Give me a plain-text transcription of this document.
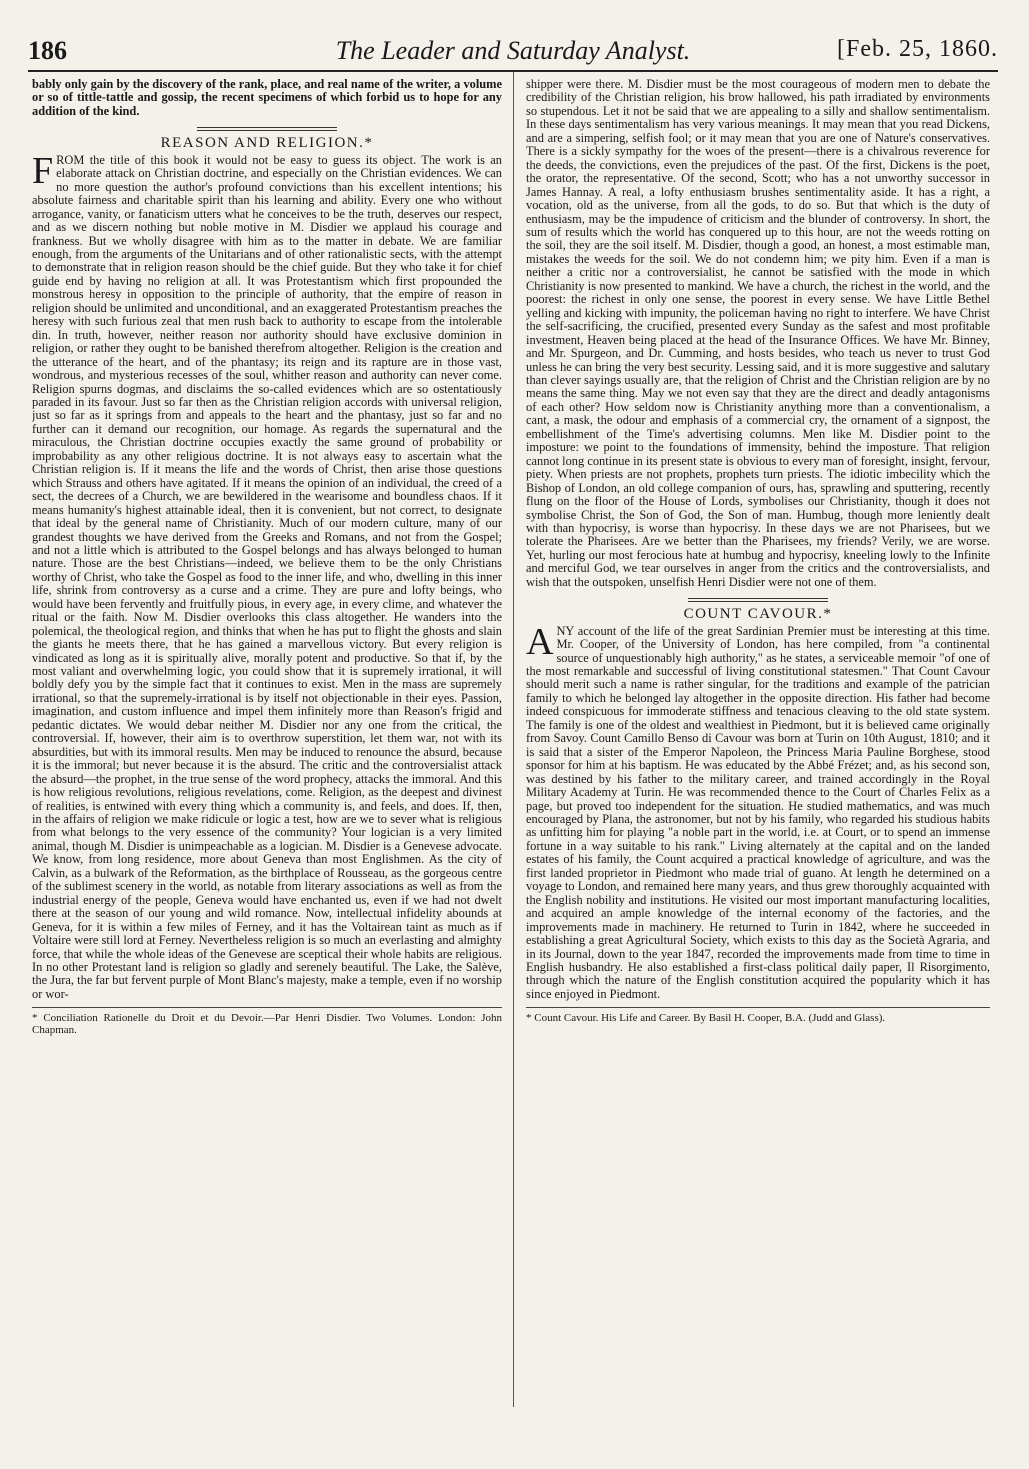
186	The Leader and Saturday Analyst.	[Feb. 25, 1860.

bably only gain by the discovery of the rank, place, and real name of the writer, a volume or so of tittle-tattle and gossip, the recent specimens of which forbid us to hope for any addition of the kind.

REASON AND RELIGION.*

FROM the title of this book it would not be easy to guess its object. The work is an elaborate attack on Christian doctrine, and especially on the Christian evidences. We can no more question the author's profound convictions than his excellent intentions; his absolute fairness and charitable spirit than his learning and ability. Every one who without arrogance, vanity, or fanaticism utters what he conceives to be the truth, deserves our respect, and as we discern nothing but noble motive in M. Disdier we applaud his courage and frankness. But we wholly disagree with him as to the matter in debate. We are familiar enough, from the arguments of the Unitarians and of other rationalistic sects, with the attempt to demonstrate that in religion reason should be the chief guide. But they who take it for chief guide end by having no religion at all. It was Protestantism which first propounded the monstrous heresy in opposition to the principle of authority, that the empire of reason in religion should be unlimited and unconditional, and an exaggerated Protestantism preaches the heresy with such furious zeal that men rush back to authority to escape from the intolerable din. In truth, however, neither reason nor authority should have exclusive dominion in religion, or rather they ought to be banished therefrom altogether. Religion is the creation and the utterance of the heart, and of the phantasy; its reign and its rapture are in those vast, wondrous, and mysterious recesses of the soul, whither reason and authority can never come. Religion spurns dogmas, and disclaims the so-called evidences which are so ostentatiously paraded in its favour. Just so far then as the Christian religion accords with universal religion, just so far as it springs from and appeals to the heart and the phantasy, just so far and no further can it demand our recognition, our homage. As regards the supernatural and the miraculous, the Christian doctrine occupies exactly the same ground of probability or improbability as any other religious doctrine. It is not always easy to ascertain what the Christian religion is. If it means the life and the words of Christ, then arise those questions which Strauss and others have agitated. If it means the opinion of an individual, the creed of a sect, the decrees of a Church, we are bewildered in the wearisome and boundless chaos. If it means humanity's highest attainable ideal, then it is convenient, but not correct, to designate that ideal by the general name of Christianity. Much of our modern culture, many of our grandest thoughts we have derived from the Greeks and Romans, and not from the Gospel; and not a little which is attributed to the Gospel belongs and has always belonged to human nature. Those are the best Christians—indeed, we believe them to be the only Christians worthy of Christ, who take the Gospel as food to the inner life, and who, dwelling in this inner life, shrink from controversy as a curse and a crime. They are pure and lofty beings, who would have been fervently and fruitfully pious, in every age, in every clime, and whatever the ritual or the faith. Now M. Disdier overlooks this class altogether. He wanders into the polemical, the theological region, and thinks that when he has put to flight the ghosts and slain the giants he meets there, that he has gained a marvellous victory. But every religion is vindicated as long as it is spiritually alive, morally potent and productive. So that if, by the most valiant and overwhelming logic, you could show that it is supremely irrational, it will boldly defy you by the simple fact that it continues to exist. Men in the mass are supremely irrational, so that the supremely-irrational is by itself not objectionable in their eyes. Passion, imagination, and custom influence and impel them infinitely more than Reason's frigid and pedantic dictates. We would debar neither M. Disdier nor any one from the critical, the controversial. If, however, their aim is to overthrow superstition, let them war, not with its absurdities, but with its immoral results. Men may be induced to renounce the absurd, because it is the immoral; but never because it is the absurd. The critic and the controversialist attack the absurd—the prophet, in the true sense of the word prophecy, attacks the immoral. And this is how religious revolutions, religious revelations, come. Religion, as the deepest and divinest of realities, is entwined with every thing which a community is, and feels, and does. If, then, in the affairs of religion we make ridicule or logic a test, how are we to sever what is religious from what belongs to the very essence of the community? Your logician is a very limited animal, though M. Disdier is unimpeachable as a logician. M. Disdier is a Genevese advocate. We know, from long residence, more about Geneva than most Englishmen. As the city of Calvin, as a bulwark of the Reformation, as the birthplace of Rousseau, as the gorgeous centre of the sublimest scenery in the world, as notable from literary associations as well as from the industrial energy of the people, Geneva would have enchanted us, even if we had not dwelt there at the season of our young and wild romance. Now, intellectual infidelity abounds at Geneva, for it is within a few miles of Ferney, and it has the Voltairean taint as much as if Voltaire were still lord at Ferney. Nevertheless religion is so much an everlasting and almighty force, that while the whole ideas of the Genevese are sceptical their whole habits are religious. In no other Protestant land is religion so gladly and serenely beautiful. The Lake, the Salève, the Jura, the far but fervent purple of Mont Blanc's majesty, make a temple, even if no worship or wor-

* Conciliation Rationelle du Droit et du Devoir.—Par Henri Disdier. Two Volumes. London: John Chapman.

shipper were there. M. Disdier must be the most courageous of modern men to debate the credibility of the Christian religion, his brow hallowed, his path irradiated by environments so stupendous. Let it not be said that we are appealing to a silly and shallow sentimentalism. In these days sentimentalism has very various meanings. It may mean that you read Dickens, and are a simpering, selfish fool; or it may mean that you are one of Nature's conservatives. There is a sickly sympathy for the woes of the present—there is a chivalrous reverence for the deeds, the convictions, even the prejudices of the past. Of the first, Dickens is the poet, the orator, the representative. Of the second, Scott; who has a not unworthy successor in James Hannay. A real, a lofty enthusiasm brushes sentimentality aside. It has a right, a vocation, old as the universe, from all the gods, to do so. But that which is the duty of enthusiasm, may be the impudence of criticism and the blunder of controversy. In short, the sum of results which the world has conquered up to this hour, are not the weeds rotting on the soil, they are the soil itself. M. Disdier, though a good, an honest, a most estimable man, mistakes the weeds for the soil. We do not condemn him; we pity him. Even if a man is neither a critic nor a controversialist, he cannot be satisfied with the mode in which Christianity is now presented to mankind. We have a church, the richest in the world, and the poorest: the richest in only one sense, the poorest in every sense. We have Little Bethel yelling and kicking with impunity, the policeman having no right to interfere. We have Christ the self-sacrificing, the crucified, presented every Sunday as the safest and most profitable investment, Heaven being placed at the head of the Insurance Offices. We have Mr. Binney, and Mr. Spurgeon, and Dr. Cumming, and hosts besides, who teach us never to trust God unless he can bring the very best security. Lessing said, and it is more suggestive and salutary than clever sayings usually are, that the religion of Christ and the Christian religion are by no means the same thing. May we not even say that they are the direct and deadly antagonisms of each other? How seldom now is Christianity anything more than a conventionalism, a cant, a mask, the odour and emphasis of a commercial cry, the ornament of a signpost, the embellishment of the Time's advertising columns. Men like M. Disdier point to the imposture: we point to the foundations of immensity, behind the imposture. That religion cannot long continue in its present state is obvious to every man of foresight, insight, fervour, piety. When priests are not prophets, prophets turn priests. The idiotic imbecility which the Bishop of London, an old college companion of ours, has, sprawling and sputtering, recently flung on the floor of the House of Lords, symbolises our Christianity, though it does not symbolise Christ, the Son of God, the Son of man. Humbug, though more leniently dealt with than hypocrisy, is worse than hypocrisy. In these days we are not Pharisees, but we tolerate the Pharisees. Are we better than the Pharisees, my friends? Verily, we are worse. Yet, hurling our most ferocious hate at humbug and hypocrisy, kneeling lowly to the Infinite and merciful God, we tear ourselves in anger from the critics and the controversialists, and wish that the outspoken, unselfish Henri Disdier were not one of them.

COUNT CAVOUR.*

ANY account of the life of the great Sardinian Premier must be interesting at this time. Mr. Cooper, of the University of London, has here compiled, from "a continental source of unquestionably high authority," as he states, a serviceable memoir "of one of the most remarkable and successful of living constitutional statesmen." That Count Cavour should merit such a name is rather singular, for the traditions and example of the patrician family to which he belonged lay altogether in the opposite direction. His father had become indeed conspicuous for immoderate stiffness and tenacious cleaving to the old state system. The family is one of the oldest and wealthiest in Piedmont, but it is believed came originally from Savoy. Count Camillo Benso di Cavour was born at Turin on 10th August, 1810; and it is said that a sister of the Emperor Napoleon, the Princess Maria Pauline Borghese, stood sponsor for him at his baptism. He was educated by the Abbé Frézet; and, as his second son, was destined by his father to the military career, and trained accordingly in the Royal Military Academy at Turin. He was recommended thence to the Court of Charles Felix as a page, but proved too independent for the situation. He studied mathematics, and was much encouraged by Plana, the astronomer, but not by his family, who regarded his studious habits as unfitting him for playing "a noble part in the world, i.e. at Court, or to spend an immense fortune in a way suitable to his rank." Living alternately at the capital and on the landed estates of his family, the Count acquired a practical knowledge of agriculture, and was the first landed proprietor in Piedmont who made trial of guano. At length he determined on a voyage to London, and remained here many years, and thus grew thoroughly acquainted with the English nobility and institutions. He visited our most important manufacturing localities, and acquired an ample knowledge of the internal economy of the factories, and the improvements made in machinery. He returned to Turin in 1842, where he succeeded in establishing a great Agricultural Society, which exists to this day as the Società Agraria, and in its Journal, down to the year 1847, recorded the improvements made from time to time in English husbandry. He also established a first-class political daily paper, Il Risorgimento, through which the nature of the English constitution acquired the popularity which it has since enjoyed in Piedmont.

* Count Cavour. His Life and Career. By Basil H. Cooper, B.A. (Judd and Glass).
